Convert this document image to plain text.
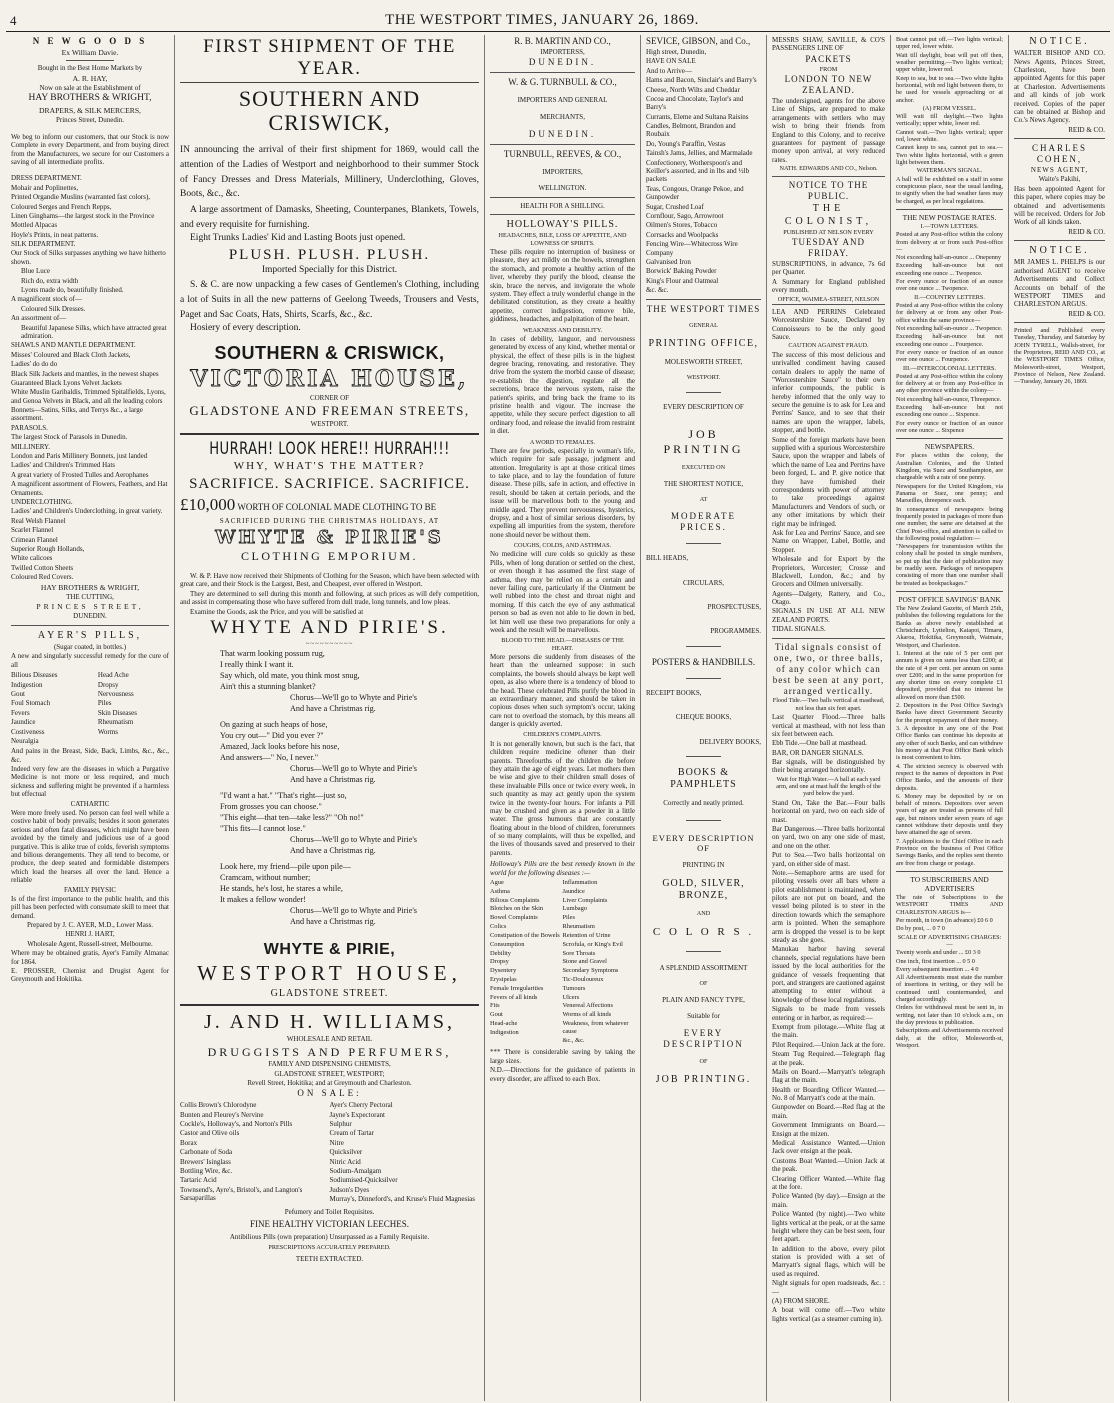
4	THE WESTPORT TIMES, JANUARY 26, 1869.

N E W G O O D S

Ex William Davie.

Bought in the Best Home Markets by

A. R. HAY,

Now on sale at the Establishment of

HAY BROTHERS & WRIGHT,

DRAPERS, & SILK MERCERS,

Princes Street, Dunedin.

We beg to inform our customers, that our Stock is now Complete in every Department, and from buying direct from the Manufacturers, we secure for our Customers a saving of all intermediate profits.

DRESS DEPARTMENT.

Mohair and Poplinettes,

Printed Organdie Muslins (warranted fast colors),

Coloured Serges and French Repps,

Linen Ginghams—the largest stock in the Province

Mottled Alpacas

Hoyle's Prints, in neat patterns.

SILK DEPARTMENT.

Our Stock of Silks surpasses anything we have hitherto shown.

Blue Luce

Rich do, extra width

Lyons made do, beautifully finished.

A magnificent stock of—

Coloured Silk Dresses.

An assortment of—

Beautiful Japanese Silks, which have attracted great admiration.

SHAWLS AND MANTLE DEPARTMENT.

Misses' Coloured and Black Cloth Jackets,

Ladies' do do do

Black Silk Jackets and mantles, in the newest shapes

Guaranteed Black Lyons Velvet Jackets

White Muslin Garibaldis, Trimmed Spitalfields, Lyons, and Genoa Velvets in Black, and all the leading colors

Bonnets—Satins, Silks, and Terrys &c., a large assortment.

PARASOLS.

The largest Stock of Parasols in Dunedin.

MILLINERY.

London and Paris Millinery Bonnets, just landed

Ladies' and Children's Trimmed Hats

A great variety of Frosted Tulles and Aerophanes

A magnificent assortment of Flowers, Feathers, and Hat Ornaments.

UNDERCLOTHING.

Ladies' and Children's Underclothing, in great variety.

Real Welsh Flannel

Scarlet Flannel

Crimean Flannel

Superior Rough Hollands,

White calicoes

Twilled Cotton Sheets

Coloured Red Covers.

HAY BROTHERS & WRIGHT,

THE CUTTING,

PRINCES STREET,

DUNEDIN.

AYER'S PILLS,

(Sugar coated, in bottles.)

A new and singularly successful remedy for the cure of all

Bilious Diseases

Indigestion

Gout

Foul Stomach

Fevers

Jaundice

Costiveness

Neuralgia

Head Ache

Dropsy

Nervousness

Piles

Skin Diseases

Rheumatism

Worms

And pains in the Breast, Side, Back, Limbs, &c., &c., &c.

Indeed very few are the diseases in which a Purgative Medicine is not more or less required, and much sickness and suffering might be prevented if a harmless but effectual

CATHARTIC

Were more freely used. No person can feel well while a costive habit of body prevails; besides it soon generates serious and often fatal diseases, which might have been avoided by the timely and judicious use of a good purgative. This is alike true of colds, feverish symptoms and bilious derangements. They all tend to become, or produce, the deep seated and formidable distempers which load the hearses all over the land. Hence a reliable

FAMILY PHYSIC

Is of the first importance to the public health, and this pill has been perfected with consumate skill to meet that demand.

Prepared by J. C. AYER, M.D., Lower Mass.

HENRI J. HART,

Wholesale Agent, Russell-street, Melbourne.

Where may be obtained gratis, Ayer's Family Almanac for 1864.

E. PROSSER, Chemist and Drugist Agent for Greymouth and Hokitika.

FIRST SHIPMENT OF THE YEAR.

SOUTHERN AND CRISWICK,

IN announcing the arrival of their first shipment for 1869, would call the attention of the Ladies of Westport and neighborhood to their summer Stock of Fancy Dresses and Dress Materials, Millinery, Underclothing, Gloves, Boots, &c., &c.

A large assortment of Damasks, Sheeting, Counterpanes, Blankets, Towels, and every requisite for furnishing.

Eight Trunks Ladies' Kid and Lasting Boots just opened.

PLUSH. PLUSH. PLUSH.

Imported Specially for this District.

S. & C. are now unpacking a few cases of Gentlemen's Clothing, including a lot of Suits in all the new patterns of Geelong Tweeds, Trousers and Vests, Paget and Sac Coats, Hats, Shirts, Scarfs, &c., &c.

Hosiery of every description.

SOUTHERN & CRISWICK,

VICTORIA HOUSE,

CORNER OF

GLADSTONE AND FREEMAN STREETS,

WESTPORT.

HURRAH! LOOK HERE!! HURRAH!!!

WHY, WHAT'S THE MATTER?

SACRIFICE. SACRIFICE. SACRIFICE.

£10,000 WORTH OF COLONIAL MADE CLOTHING TO BE

SACRIFICED DURING THE CHRISTMAS HOLIDAYS, AT

WHYTE & PIRIE'S

CLOTHING EMPORIUM.

W. & P. Have now received their Shipments of Clothing for the Season, which have been selected with great care, and their Stock is the Largest, Best, and Cheapest, ever offered in Westport.

They are determined to sell during this month and following, at such prices as will defy competition, and assist in compensating those who have suffered from dull trade, long tunnels, and low pleas.

Examine the Goods, ask the Price, and you will be satisfied at

WHYTE AND PIRIE'S.

~~~~~~~~~~

That warm looking possum rug,

I really think I want it.

Say which, old mate, you think most snug,

Ain't this a stunning blanket?

Chorus—We'll go to Whyte and Pirie's

And have a Christmas rig.

On gazing at such heaps of hose,

You cry out—" Did you ever ?"

Amazed, Jack looks before his nose,

And answers—" No, I never."

Chorus—We'll go to Whyte and Pirie's

And have a Christmas rig.

"I'd want a hat." "That's right—just so,

From grosses you can choose."

"This eight—that ten—take less?" "Oh no!"

"This fits—I cannot lose."

Chorus—We'll go to Whyte and Pirie's

And have a Christmas rig.

Look here, my friend—pile upon pile—

Cramcam, without number;

He stands, he's lost, he stares a while,

It makes a fellow wonder!

Chorus—We'll go to Whyte and Pirie's

And have a Christmas rig.

WHYTE & PIRIE,

WESTPORT HOUSE,

GLADSTONE STREET.

J. AND H. WILLIAMS,

WHOLESALE AND RETAIL

DRUGGISTS AND PERFUMERS,

FAMILY AND DISPENSING CHEMISTS,

GLADSTONE STREET, WESTPORT;

Revell Street, Hokitika; and at Greymouth and Charleston.

ON SALE:

Collis Brown's Chlorodyne

Bunten and Fleurey's Nervine

Cockle's, Holloway's, and Norton's Pills

Castor and Olive oils

Borax

Carbonate of Soda

Brewers' Isinglass

Bottling Wire, &c.

Tartaric Acid

Townsend's, Ayre's, Bristol's, and Langton's Sarsaparillas

Ayer's Cherry Pectoral

Jayne's Expectorant

Sulphur

Cream of Tartar

Nitre

Quicksilver

Nitric Acid

Sodium-Amalgam

Sodiumised-Quicksilver

Judson's Dyes

Murray's, Dinneford's, and Kruse's Fluid Magnesias

Pefumery and Toilet Requisites.

FINE HEALTHY VICTORIAN LEECHES.

Antibilious Pills (own preparation) Unsurpassed as a Family Requisite.

PRESCRIPTIONS ACCURATELY PREPARED.

TEETH EXTRACTED.

R. B. MARTIN AND CO.,

IMPORTERSS,

DUNEDIN.

W. & G. TURNBULL & CO.,

IMPORTERS AND GENERAL

MERCHANTS,

DUNEDIN.

TURNBULL, REEVES, & CO.,

IMPORTERS,

WELLINGTON.

HEALTH FOR A SHILLING.

HOLLOWAY'S PILLS.

HEADACHES, BILE, LOSS OF APPETITE, AND LOWNESS OF SPIRITS.

These pills require no interruption of business or pleasure, they act mildly on the bowels, strengthen the stomach, and promote a healthy action of the liver, whereby they purify the blood, cleanse the skin, brace the nerves, and invigorate the whole system. They effect a truly wonderful change in the debilitated constitution, as they create a healthy appetite, correct indigestion, remove bile, giddiness, headaches, and palpitation of the heart.

WEAKNESS AND DEBILITY.

In cases of debility, languor, and nervousness generated by excess of any kind, whether mental or physical, the effect of these pills is in the highest degree bracing, renovating, and restorative. They drive from the system the morbid cause of disease; re-establish the digestion, regulate all the secretions, brace the nervous system, raise the patient's spirits, and bring back the frame to its pristine health and vigour. The increase the appetite, while they secure perfect digestion to all ordinary food, and release the invalid from restraint in diet.

A WORD TO FEMALES.

There are few periods, especially in woman's life, which require for safe passage, judgment and attention. Irregularity is apt at those critical times to take place, and to lay the foundation of future disease. These pills, safe in action, and effective in result, should be taken at certain periods, and the issue will be marvellous both to the young and middle aged. They prevent nervousness, hysterics, dropsy, and a host of similar serious disorders, by expelling all impurities from the system, therefore none should never be without them.

COUGHS, COLDS, AND ASTHMAS.

No medicine will cure colds so quickly as these Pills, when of long duration or settled on the chest, or even though it has assumed the first stage of asthma, they may be relied on as a certain and never failing cure, particularly if the Ointment be well rubbed into the chest and throat night and morning. If this catch the eye of any asthmatical person so bad as even not able to lie down in bed, let him well use these two preparations for only a week and the result will be marvellous.

BLOOD TO THE HEAD.—DISEASES OF THE HEART.

More persons die suddenly from diseases of the heart than the unlearned suppose: in such complaints, the bowels should always be kept well open, as also where there is a tendency of blood to the head. These celebrated Pills purify the blood in an extraordinary manner, and should be taken in copious doses when such symptom's occur, taking care not to overload the stomach, by this means all danger is quickly averted.

CHILDREN'S COMPLAINTS.

It is not generally known, but such is the fact, that children require medicine oftener than their parents. Threefourths of the children die before they attain the age of eight years. Let mothers then be wise and give to their children small doses of these invaluable Pills once or twice every week, in such quantity as may act gently upon the system twice in the twenty-four hours. For infants a Pill may be crushed and given as a powder in a little water. The gross humours that are constantly floating about in the blood of children, forerunners of so many complaints, will thus be expelled, and the lives of thousands saved and preserved to their parents.

Holloway's Pills are the best remedy known in the world for the following diseases :—

Ague

Asthma

Bilious Complaints

Blotches on the Skin

Bowel Complaints

Colics

Constipation of the Bowels

Consumption

Debility

Dropsy

Dysentery

Erysipelas

Female Irregularities

Fevers of all kinds

Fits

Gout

Head-ache

Indigestion

Inflammation

Jaundice

Liver Complaints

Lumbago

Piles

Rheumatism

Retention of Urine

Scrofula, or King's Evil

Sore Throats

Stone and Gravel

Secondary Symptoms

Tic-Douloureux

Tumours

Ulcers

Venereal Affections

Worms of all kinds

Weakness, from whatever cause

&c., &c.

*** There is considerable saving by taking the large sizes.

N.D.—Directions for the guidance of patients in every disorder, are affixed to each Box.

SEVICE, GIBSON, and Co.,

High street, Dunedin,

HAVE ON SALE

And to Arrive—

Hams and Bacon, Sinclair's and Barry's

Cheese, North Wilts and Cheddar

Cocoa and Chocolate, Taylor's and Barry's

Currants, Eleme and Sultana Raisins

Candles, Belmont, Brandon and Roubaix

Do, Young's Paraffin, Vestas

Tainsh's Jams, Jellies, and Marmalade

Confectionery, Wotherspoon's and Keiller's assorted, and in lbs and ½lb packets

Teas, Congous, Orange Pekoe, and Gunpowder

Sugar, Crushed Loaf

Cornflour, Sago, Arrowroot

Oilmen's Stores, Tobacco

Corrsacks and Woolpacks

Fencing Wire—Whitecross Wire Company

Galvanised Iron

Borwick' Baking Powder

King's Flour and Oatmeal

&c. &c.

THE WESTPORT TIMES

GENERAL

PRINTING OFFICE,

MOLESWORTH STREET,

WESTPORT.

EVERY DESCRIPTION OF

JOB PRINTING

EXECUTED ON

THE SHORTEST NOTICE,

AT

MODERATE PRICES.

BILL HEADS,

CIRCULARS,

PROSPECTUSES,

PROGRAMMES.

POSTERS & HANDBILLS.

RECEIPT BOOKS,

CHEQUE BOOKS,

DELIVERY BOOKS,

BOOKS & PAMPHLETS

Correctly and neatly printed.

EVERY DESCRIPTION OF

PRINTING IN

GOLD, SILVER, BRONZE,

AND

C O L O R S .

A SPLENDID ASSORTMENT

OF

PLAIN AND FANCY TYPE,

Suitable for

EVERY DESCRIPTION

OF

JOB PRINTING.

MESSRS SHAW, SAVILLE, & CO'S PASSENGERS LINE OF

PACKETS

FROM

LONDON TO NEW ZEALAND.

The undersigned, agents for the above Line of Ships, are prepared to make arrangements with settlers who may wish to bring their friends from England to this Colony, and to receive guarantees for payment of passage money upon arrival, at very reduced rates.

NATH. EDWARDS AND CO., Nelson.

NOTICE TO THE PUBLIC.

THE COLONIST,

PUBLISHED AT NELSON EVERY

TUESDAY AND FRIDAY.

SUBSCRIPTIONS, in advance, 7s 6d per Quarter.

A Summary for England published every month.

OFFICE, WAIMEA-STREET, NELSON

LEA AND PERRINS Celebrated Worcestershire Sauce, Declared by Connoisseurs to be the only good Sauce.

CAUTION AGAINST FRAUD.

The success of this most delicious and unrivalled condiment having caused certain dealers to apply the name of "Worcestershire Sauce" to their own inferior compounds, the public is hereby informed that the only way to secure the genuine is to ask for Lea and Perrins' Sauce, and to see that their names are upon the wrapper, labels, stopper, and bottle.

Some of the foreign markets have been supplied with a spurious Worcestershire Sauce, upon the wrapper and labels of which the name of Lea and Perrins have been forged, L. and P. give notice that they have furnished their correspondents with power of attorney to take proceedings against Manufacturers and Vendors of such, or any other imitations by which their right may be infringed.

Ask for Lea and Perrins' Sauce, and see Name on Wrapper, Label, Bottle, and Stopper.

Wholesale and for Export by the Proprietors, Worcester; Crosse and Blackwell, London, &c.; and by Grocers and Oilmen universally.

Agents—Dalgety, Rattery, and Co., Otago.

SIGNALS IN USE AT ALL NEW ZEALAND PORTS.

TIDAL SIGNALS.

Tidal signals consist of one, two, or three balls, of any color which can best be seen at any port, arranged vertically.

Flood Tide.—Two balls vertical at masthead, not less than six feet apart.

Last Quarter Flood.—Three balls vertical at masthead, with not less than six feet between each.

Ebb Tide.—One ball at masthead.

BAR, OR DANGER SIGNALS.

Bar signals, will be distinguished by their being arranged horizontally.

Wait for High Water.—A ball at each yard arm, and one at mast half the length of the yard below the yard.

Stand On, Take the Bar.—Four balls horizontal on yard, two on each side of mast.

Bar Dangerous.—Three balls horizontal on yard, two on any one side of mast, and one on the other.

Put to Sea.—Two balls horizontal on yard, on either side of mast.

Note.—Semaphore arms are used for piloting vessels over all bars where a pilot establishment is maintained, when pilots are not put on board, and the vessel being piloted is to steer in the direction towards which the semaphore arm is pointed. When the semaphore arm is dropped the vessel is to be kept steady as she goes.

Manukau harbor having several channels, special regulations have been issued by the local authorities for the guidance of vessels frequenting that port, and strangers are cautioned against attempting to enter without a knowledge of these local regulations.

Signals to be made from vessels entering or in harbor, as required:—

Exempt from pilotage.—White flag at the main.

Pilot Required.—Union Jack at the fore.

Steam Tug Required.—Telegraph flag at the peak.

Mails on Board.—Marryatt's telegraph flag at the main.

Health or Boarding Officer Wanted.—No. 8 of Marryatt's code at the main.

Gunpowder on Board.—Red flag at the main.

Government Immigrants on Board.—Ensign at the mizen.

Medical Assistance Wanted.—Union Jack over ensign at the peak.

Customs Boat Wanted.—Union Jack at the peak.

Clearing Officer Wanted.—White flag at the fore.

Police Wanted (by day).—Ensign at the main.

Police Wanted (by night).—Two white lights vertical at the peak, or at the same height where they can be best seen, four feet apart.

In addition to the above, every pilot station is provided with a set of Marryatt's signal flags, which will be used as required.

Night signals for open roadsteads, &c. :—

(A) FROM SHORE.

A boat will come off.—Two white lights vertical (as a steamer cuming in).

Boat cannot put off.—Two lights vertical; upper red, lower white.

Wait till daylight, boat will put off then, weather permitting.—Two lights vertical; upper white, lower red.

Keep to sea, but to sea.—Two white lights horizontal, with red light between them, to be used for vessels approaching or at anchor.

(A) FROM VESSEL.

Will wait till daylight.—Two lights vertically; upper white, lower red.

Cannot wait.—Two lights vertical; upper red, lower white.

Cannot keep to sea, cannot put to sea.—Two white lights horizontal, with a green light between them.

WATERMAN'S SIGNAL.

A ball will be exhibited on a staff in some conspicuous place, near the usual landing, to signify when the bad weather fares may be charged, as per local regulations.

THE NEW POSTAGE RATES.

I.—TOWN LETTERS.

Posted at any Post-office within the colony from delivery at or from such Post-office—

Not exceeding half-an-ounce ... Onepenny

Exceeding half-an-ounce but not exceeding one ounce ... Twopence.

For every ounce or fraction of an ounce over one ounce ... Twopence.

II.—COUNTRY LETTERS.

Posted at any Post-office within the colony for delivery at or from any other Post-office within the same province—

Not exceeding half-an-ounce ... Twopence.

Exceeding half-an-ounce but not exceeding one ounce ... Fourpence.

For every ounce or fraction of an ounce over one ounce ... Fourpence.

III.—INTERCOLONIAL LETTERS.

Posted at any Post-office within the colony for delivery at or from any Post-office in any other province within the colony—

Not exceeding half-an-ounce, Threepence.

Exceeding half-an-ounce but not exceeding one ounce ... Sixpence.

For every ounce or fraction of an ounce over one ounce ... Sixpence

NEWSPAPERS.

For places within the colony, the Australian Colonies, and the United Kingdom, via Suez and Southampton, are chargeable with a rate of one penny.

Newspapers for the United Kingdom, via Panama or Suez, one penny; and Marseilles, threepence each.

In consequence of newspapers being frequently posted in packages of more than one number, the same are detained at the Chief Post-office, and attention is called to the following postal regulation:—

"Newspapers for transmission within the colony shall be posted in single numbers, so put up that the date of publication may be readily seen. Packages of newspapers consisting of more than one number shall be treated as bookpackages."

POST OFFICE SAVINGS' BANK

The New Zealand Gazette, of March 25th, publishes the following regulations for the Banks as above newly established at Christchurch, Lyttelton, Kaiapoi, Timaru, Akaroa, Hokitika, Greymouth, Waimate, Westport, and Charleston.

1. Interest at the rate of 5 per cent per annum is given on sums less than £200; at the rate of 4 per cent. per annum on sums over £200; and in the same proportion for any shorter time on every complete £1 deposited, provided that no interest be allowed on more than £500.

2. Depositors in the Post Office Saving's Banks have direct Government Security for the prompt repayment of their money.

3. A depositor in any one of the Post Office Banks can continue his deposits at any other of such Banks, and can withdraw his money at that Post Office Bank which is most convenient to him.

4. The strictest secrecy is observed with respect to the names of depositors in Post Office Banks, and the amounts of their deposits.

6. Money may be deposited by or on behalf of minors. Depositors over seven years of age are treated as persons of full age, but minors under seven years of age cannot withdraw their deposits until they have attained the age of seven.

7. Applications to the Chief Office in each Province on the business of Post Office Savings Banks, and the replies sent thereto are free from charge or postage.

TO SUBSCRIBERS AND ADVERTISERS

The rate of Subscriptions to the WESTPORT TIMES AND CHARLESTON ARGUS is—

Per month, in town (in advance) £0 6 0

Do by post, ... 0 7 0

SCALE OF ADVERTISING CHARGES:—

Twenty words and under ... £0 3 0

One inch, first insertion ... 0 5 0

Every subsequent insertion ... 4 0

All Advertisements must state the number of insertions in writing, or they will be continued until countermanded, and charged accordingly.

Orders for withdrawal must be sent in, in writing, not later than 10 o'clock a.m., on the day previous to publication.

Subscriptions and Advertisements received daily, at the office, Molesworth-st, Westport.

NOTICE.

WALTER BISHOP AND CO. News Agents, Princes Street, Charleston, have been appointed Agents for this paper at Charleston. Advertisements and all kinds of job work received. Copies of the paper can be obtained at Bishop and Co.'s News Agency.

REID & CO.

CHARLES COHEN,

NEWS AGENT,

Waite's Pakihi,

Has been appointed Agent for this paper, where copies may be obtained and advertisements will be received. Orders for Job Work of all kinds taken.

REID & CO.

NOTICE.

MR JAMES L. PHELPS is our authorised AGENT to receive Advertisements and Collect Accounts on behalf of the WESTPORT TIMES and CHARLESTON ARGUS.

REID & CO.

Printed and Published every Tuesday, Thursday, and Saturday by JOHN TYRELL, Wallsh-street, for the Proprietors, REID AND CO., at the WESTPORT TIMES Office, Molesworth-street, Westport, Province of Nelson, New Zealand.—Tuesday, January 26, 1869.
